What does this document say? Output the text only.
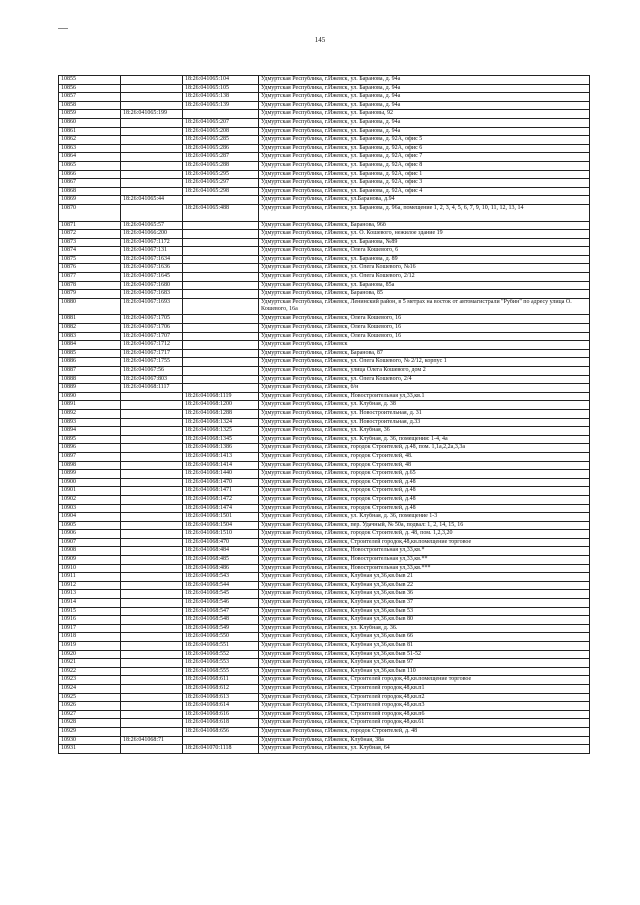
145
10855		18:26:041065:104	Удмуртская Республика, г.Ижевск, ул. Баранова, д. 94а
10856		18:26:041065:105	Удмуртская Республика, г.Ижевск, ул. Баранова, д. 94а
10857		18:26:041065:138	Удмуртская Республика, г.Ижевск, ул. Баранова, д. 94а
10858		18:26:041065:139	Удмуртская Республика, г.Ижевск, ул. Баранова, д. 94а
10859	18:26:041065:199		Удмуртская Республика, г.Ижевск, ул. Барановы, 92
10860		18:26:041065:207	Удмуртская Республика, г.Ижевск, ул. Баранова, д. 94а
10861		18:26:041065:208	Удмуртская Республика, г.Ижевск, ул. Баранова, д. 94а
10862		18:26:041065:285	Удмуртская Республика, г.Ижевск, ул. Баранова, д. 92А, офис 5
10863		18:26:041065:286	Удмуртская Республика, г.Ижевск, ул. Баранова, д. 92А, офис 6
10864		18:26:041065:287	Удмуртская Республика, г.Ижевск, ул. Баранова, д. 92А, офис 7
10865		18:26:041065:288	Удмуртская Республика, г.Ижевск, ул. Баранова, д. 92А, офис 8
10866		18:26:041065:295	Удмуртская Республика, г.Ижевск, ул. Баранова, д. 92А, офис 1
10867		18:26:041065:297	Удмуртская Республика, г.Ижевск, ул. Баранова, д. 92А, офис 3
10868		18:26:041065:298	Удмуртская Республика, г.Ижевск, ул. Баранова, д. 92А, офис 4
10869	18:26:041065:44		Удмуртская Республика, г.Ижевск, ул.Баранова, д.94
10870		18:26:041065:488	Удмуртская Республика, г.Ижевск, ул. Баранова, д. 96а, помещение 1, 2, 3, 4, 5, 6, 7, 9, 10, 11, 12, 13, 14
10871	18:26:041065:57		Удмуртская Республика, г.Ижевск, Баранова, 96б
10872	18:26:041066:200		Удмуртская Республика, г.Ижевск, ул. О. Кошевого, нежилое здание 19
10873	18:26:041067:1172		Удмуртская Республика, г.Ижевск, ул. Баранова, №89
10874	18:26:041067:131		Удмуртская Республика, г.Ижевск, Олега Кошевого, 6
10875	18:26:041067:1634		Удмуртская Республика, г.Ижевск, ул. Баранова, д. 89
10876	18:26:041067:1636		Удмуртская Республика, г.Ижевск, ул. Олега Кошевого, №16
10877	18:26:041067:1645		Удмуртская Республика, г.Ижевск, ул. Олега Кошевого, 2/12
10878	18:26:041067:1680		Удмуртская Республика, г.Ижевск, ул. Баранова, 85а
10879	18:26:041067:1683		Удмуртская Республика, г.Ижевск, Баранова, 85
10880	18:26:041067:1693		Удмуртская Республика, г.Ижевск, Ленинский район, в 5 метрах на восток от автомагистрали "Рубин" по адресу улица О. Кошевого, 16а
10881	18:26:041067:1705		Удмуртская Республика, г.Ижевск, Олега Кошевого, 16
10882	18:26:041067:1706		Удмуртская Республика, г.Ижевск, Олега Кошевого, 16
10883	18:26:041067:1707		Удмуртская Республика, г.Ижевск, Олега Кошевого, 16
10884	18:26:041067:1712		Удмуртская Республика, г.Ижевск
10885	18:26:041067:1717		Удмуртская Республика, г.Ижевск, Баранова, 87
10886	18:26:041067:1755		Удмуртская Республика, г.Ижевск, ул. Олега Кошевого, № 2/12, корпус 1
10887	18:26:041067:56		Удмуртская Республика, г.Ижевск, улица Олега Кошевого, дом 2
10888	18:26:041067:803		Удмуртская Республика, г.Ижевск, ул. Олега Кошевого, 2/4
10889	18:26:041068:1117		Удмуртская Республика, г.Ижевск, б/н
10890		18:26:041068:1119	Удмуртская Республика, г.Ижевск, Новостроительная ул,33,кв.1
10891		18:26:041068:1200	Удмуртская Республика, г.Ижевск, ул. Клубная, д. 38
10892		18:26:041068:1288	Удмуртская Республика, г.Ижевск, ул. Новостроительная, д. 31
10893		18:26:041068:1324	Удмуртская Республика, г.Ижевск, ул. Новостроительная, д.33
10894		18:26:041068:1325	Удмуртская Республика, г.Ижевск, ул. Клубная, 36
10895		18:26:041068:1345	Удмуртская Республика, г.Ижевск, ул. Клубная, д. 36, помещения: 1-4, 4а
10896		18:26:041068:1386	Удмуртская Республика, г.Ижевск, городок Строителей, д.48, пом. 1,1а,2,2а,3,3а
10897		18:26:041068:1413	Удмуртская Республика, г.Ижевск, городок Строителей, 48.
10898		18:26:041068:1414	Удмуртская Республика, г.Ижевск, городок Строителей, 48
10899		18:26:041068:1440	Удмуртская Республика, г.Ижевск, городок Строителей, д.65
10900		18:26:041068:1470	Удмуртская Республика, г.Ижевск, городок Строителей, д.48
10901		18:26:041068:1471	Удмуртская Республика, г.Ижевск, городок Строителей, д.48
10902		18:26:041068:1472	Удмуртская Республика, г.Ижевск, городок Строителей, д.48
10903		18:26:041068:1474	Удмуртская Республика, г.Ижевск, городок Строителей, д.48
10904		18:26:041068:1501	Удмуртская Республика, г.Ижевск, ул. Клубная, д. 36, помещение 1-3
10905		18:26:041068:1504	Удмуртская Республика, г.Ижевск, пер. Удачный, № 50а, подвал: 1, 2, 14, 15, 16
10906		18:26:041068:1510	Удмуртская Республика, г.Ижевск, городок Строителей, д. 48, пом. 1,2,3,20
10907		18:26:041068:470	Удмуртская Республика, г.Ижевск, Строителей городок,48,кв.помещение торговое
10908		18:26:041068:484	Удмуртская Республика, г.Ижевск, Новостроительная ул,33,кв.*
10909		18:26:041068:485	Удмуртская Республика, г.Ижевск, Новостроительная ул,33,кв.**
10910		18:26:041068:486	Удмуртская Республика, г.Ижевск, Новостроительная ул,33,кв.***
10911		18:26:041068:543	Удмуртская Республика, г.Ижевск, Клубная ул,36,кв.быв 21
10912		18:26:041068:544	Удмуртская Республика, г.Ижевск, Клубная ул,36,кв.быв 22
10913		18:26:041068:545	Удмуртская Республика, г.Ижевск, Клубная ул,36,кв.быв 36
10914		18:26:041068:546	Удмуртская Республика, г.Ижевск, Клубная ул,36,кв.быв 37
10915		18:26:041068:547	Удмуртская Республика, г.Ижевск, Клубная ул,36,кв.быв 53
10916		18:26:041068:548	Удмуртская Республика, г.Ижевск, Клубная ул,36,кв.быв 80
10917		18:26:041068:549	Удмуртская Республика, г.Ижевск, ул. Клубная, д. 36.
10918		18:26:041068:550	Удмуртская Республика, г.Ижевск, Клубная ул,36,кв.быв 66
10919		18:26:041068:551	Удмуртская Республика, г.Ижевск, Клубная ул,36,кв.быв 81
10920		18:26:041068:552	Удмуртская Республика, г.Ижевск, Клубная ул,36,кв.быв 51-52
10921		18:26:041068:553	Удмуртская Республика, г.Ижевск, Клубная ул,36,кв.быв 97
10922		18:26:041068:555	Удмуртская Республика, г.Ижевск, Клубная ул,36,кв.быв 110
10923		18:26:041068:611	Удмуртская Республика, г.Ижевск, Строителей городок,48,кв.помещение торговое
10924		18:26:041068:612	Удмуртская Республика, г.Ижевск, Строителей городок,48,кв.п1
10925		18:26:041068:613	Удмуртская Республика, г.Ижевск, Строителей городок,48,кв.п2
10926		18:26:041068:614	Удмуртская Республика, г.Ижевск, Строителей городок,48,кв.п3
10927		18:26:041068:616	Удмуртская Республика, г.Ижевск, Строителей городок,48,кв.п6
10928		18:26:041068:618	Удмуртская Республика, г.Ижевск, Строителей городок,48,кв.61
10929		18:26:041068:656	Удмуртская Республика, г.Ижевск, городок Строителей, д. 48
10930	18:26:041068:71		Удмуртская Республика, г.Ижевск, Клубная, 38а
10931		18:26:041070:1118	Удмуртская Республика, г.Ижевск, ул. Клубная, 64
